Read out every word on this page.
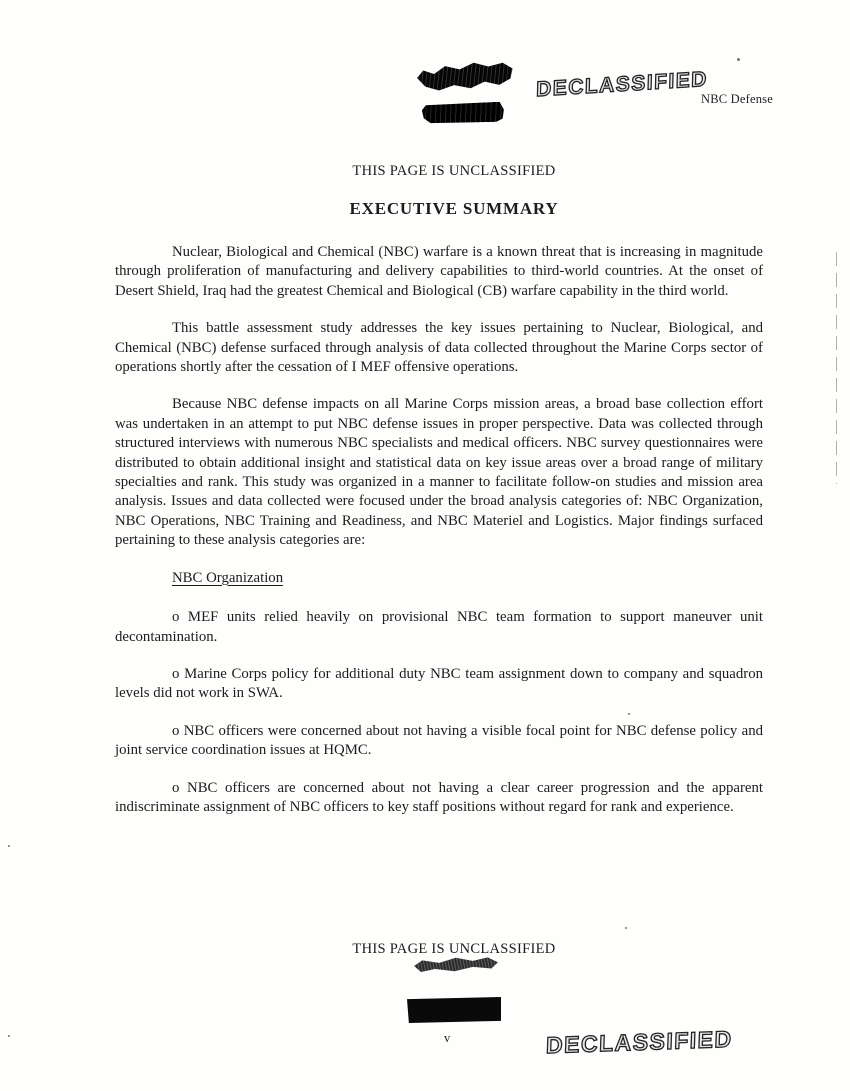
DECLASSIFIED
NBC Defense
THIS PAGE IS UNCLASSIFIED
EXECUTIVE SUMMARY

Nuclear, Biological and Chemical (NBC) warfare is a known threat that is increasing in magnitude through proliferation of manufacturing and delivery capabilities to third-world countries. At the onset of Desert Shield, Iraq had the greatest Chemical and Biological (CB) warfare capability in the third world.

This battle assessment study addresses the key issues pertaining to Nuclear, Biological, and Chemical (NBC) defense surfaced through analysis of data collected throughout the Marine Corps sector of operations shortly after the cessation of I MEF offensive operations.

Because NBC defense impacts on all Marine Corps mission areas, a broad base collection effort was undertaken in an attempt to put NBC defense issues in proper perspective. Data was collected through structured interviews with numerous NBC specialists and medical officers. NBC survey questionnaires were distributed to obtain additional insight and statistical data on key issue areas over a broad range of military specialties and rank. This study was organized in a manner to facilitate follow-on studies and mission area analysis. Issues and data collected were focused under the broad analysis categories of: NBC Organization, NBC Operations, NBC Training and Readiness, and NBC Materiel and Logistics. Major findings surfaced pertaining to these analysis categories are:

NBC Organization

o MEF units relied heavily on provisional NBC team formation to support maneuver unit decontamination.

o Marine Corps policy for additional duty NBC team assignment down to company and squadron levels did not work in SWA.

o NBC officers were concerned about not having a visible focal point for NBC defense policy and joint service coordination issues at HQMC.

o NBC officers are concerned about not having a clear career progression and the apparent indiscriminate assignment of NBC officers to key staff positions without regard for rank and experience.

THIS PAGE IS UNCLASSIFIED
v	DECLASSIFIED
